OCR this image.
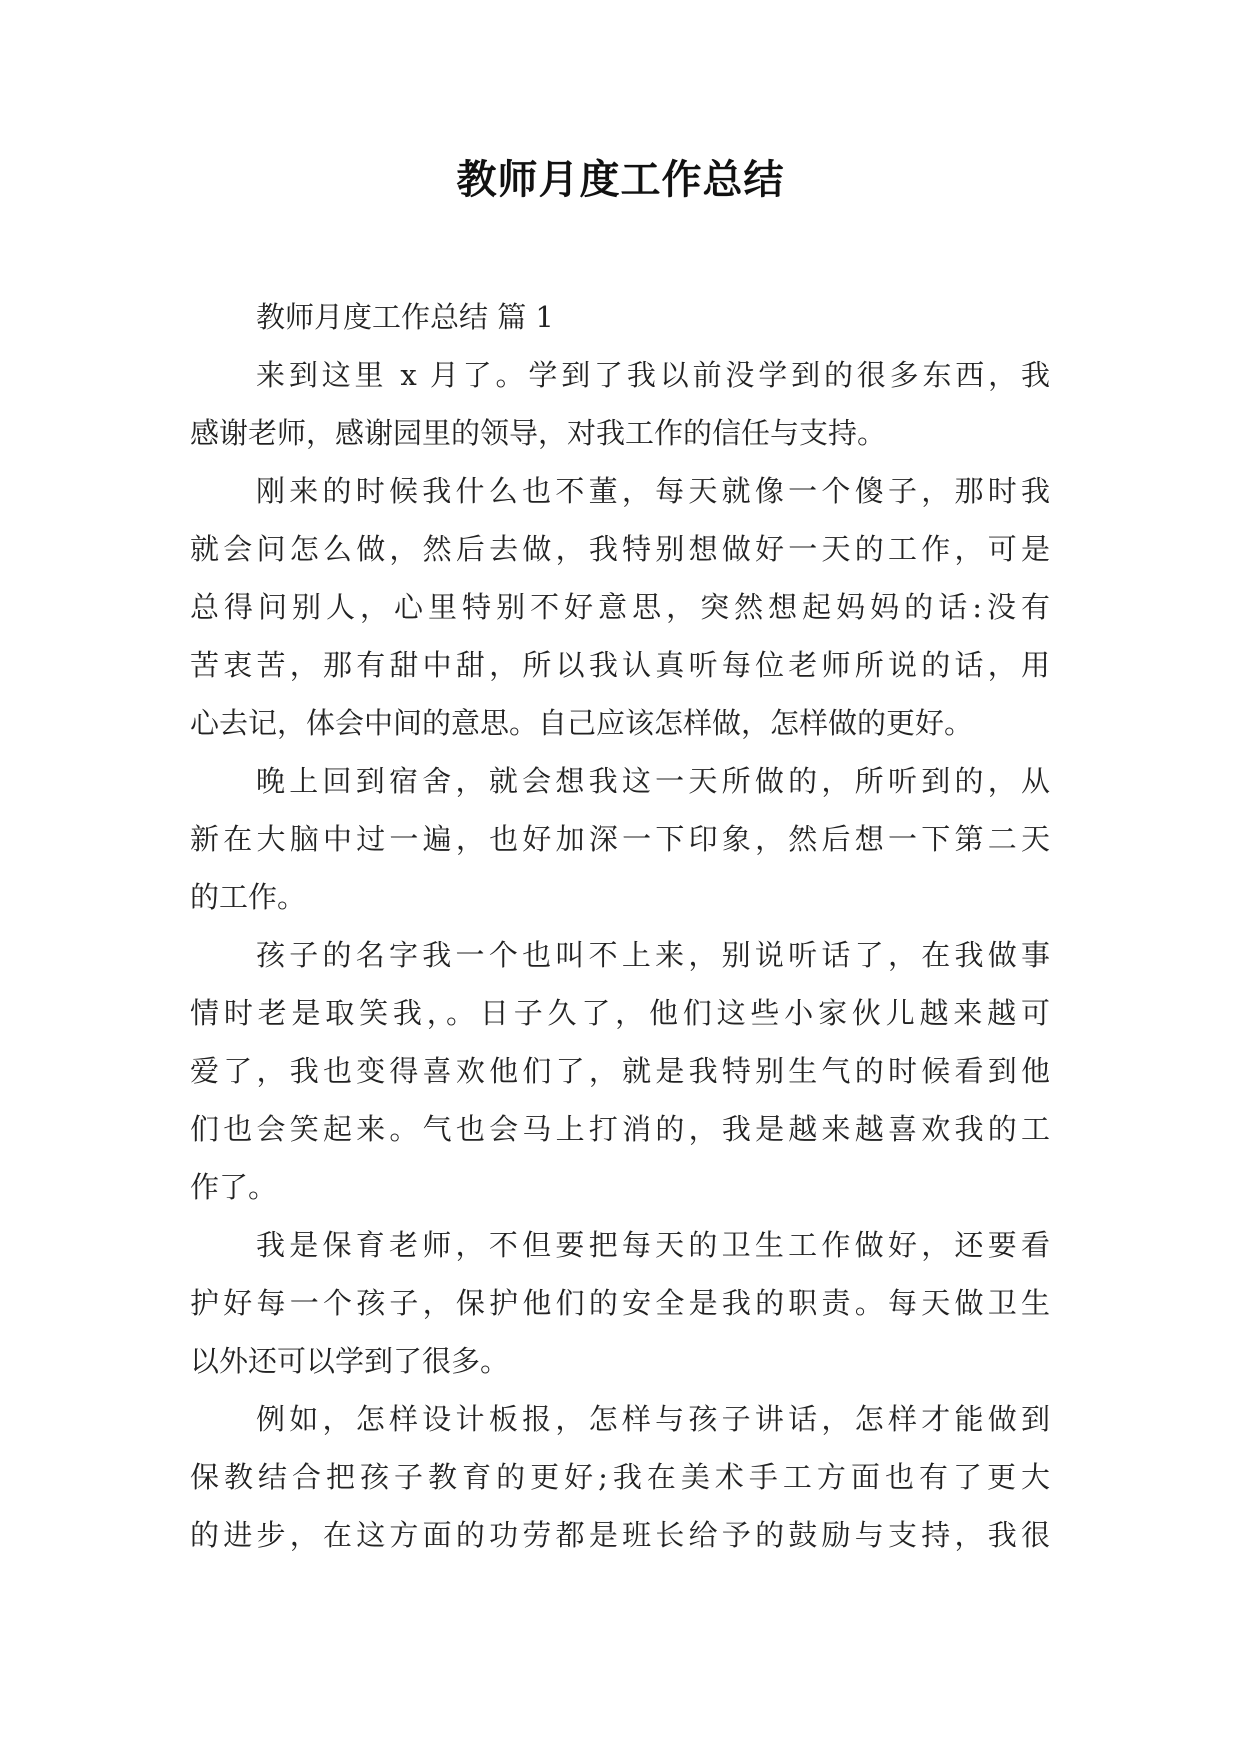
教师月度工作总结
教师月度工作总结 篇 1
来到这里 x 月了。学到了我以前没学到的很多东西，我
感谢老师，感谢园里的领导，对我工作的信任与支持。
刚来的时候我什么也不董，每天就像一个傻子，那时我
就会问怎么做，然后去做，我特别想做好一天的工作，可是
总得问别人，心里特别不好意思，突然想起妈妈的话:没有
苦衷苦，那有甜中甜，所以我认真听每位老师所说的话，用
心去记，体会中间的意思。自己应该怎样做，怎样做的更好。
晚上回到宿舍，就会想我这一天所做的，所听到的，从
新在大脑中过一遍，也好加深一下印象，然后想一下第二天
的工作。
孩子的名字我一个也叫不上来，别说听话了，在我做事
情时老是取笑我，。日子久了，他们这些小家伙儿越来越可
爱了，我也变得喜欢他们了，就是我特别生气的时候看到他
们也会笑起来。气也会马上打消的，我是越来越喜欢我的工
作了。
我是保育老师，不但要把每天的卫生工作做好，还要看
护好每一个孩子，保护他们的安全是我的职责。每天做卫生
以外还可以学到了很多。
例如，怎样设计板报，怎样与孩子讲话，怎样才能做到
保教结合把孩子教育的更好;我在美术手工方面也有了更大
的进步，在这方面的功劳都是班长给予的鼓励与支持，我很
